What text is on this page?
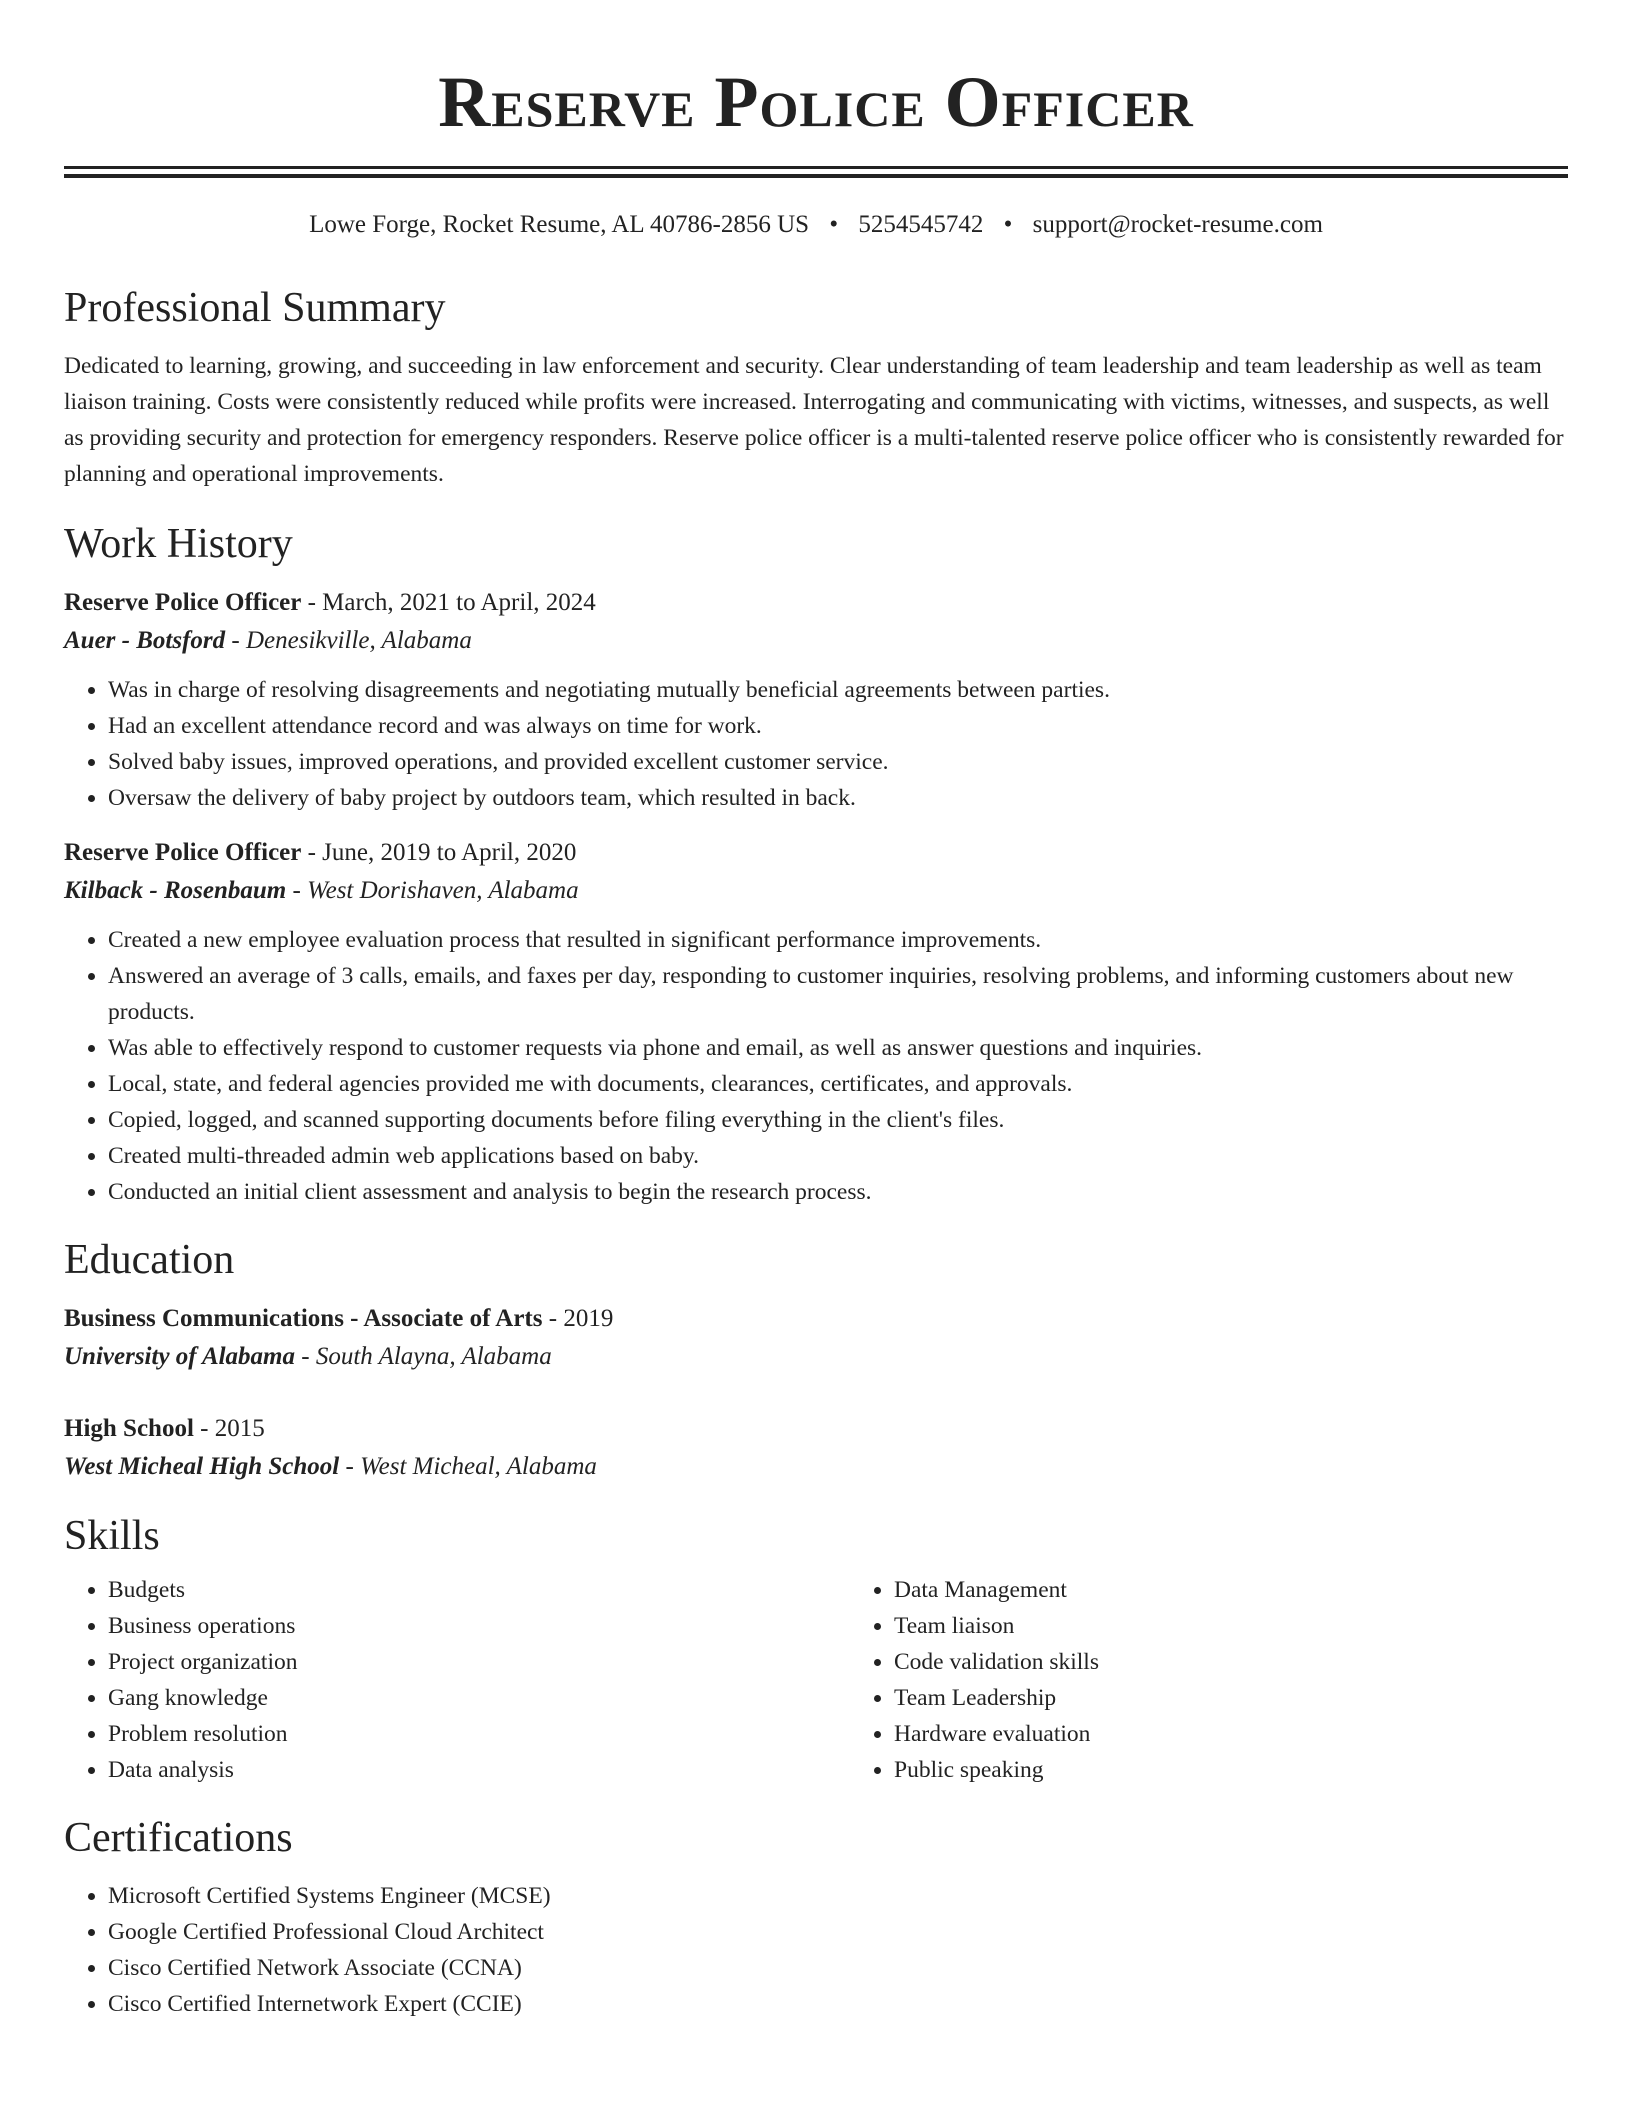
Reserve Police Officer
Lowe Forge, Rocket Resume, AL 40786-2856 US • 5254545742 • support@rocket-resume.com
Professional Summary
Dedicated to learning, growing, and succeeding in law enforcement and security. Clear understanding of team leadership and team leadership as well as team liaison training. Costs were consistently reduced while profits were increased. Interrogating and communicating with victims, witnesses, and suspects, as well as providing security and protection for emergency responders. Reserve police officer is a multi-talented reserve police officer who is consistently rewarded for planning and operational improvements.
Work History
Reserve Police Officer - March, 2021 to April, 2024
Auer - Botsford - Denesikville, Alabama
• Was in charge of resolving disagreements and negotiating mutually beneficial agreements between parties.
• Had an excellent attendance record and was always on time for work.
• Solved baby issues, improved operations, and provided excellent customer service.
• Oversaw the delivery of baby project by outdoors team, which resulted in back.
Reserve Police Officer - June, 2019 to April, 2020
Kilback - Rosenbaum - West Dorishaven, Alabama
• Created a new employee evaluation process that resulted in significant performance improvements.
• Answered an average of 3 calls, emails, and faxes per day, responding to customer inquiries, resolving problems, and informing customers about new products.
• Was able to effectively respond to customer requests via phone and email, as well as answer questions and inquiries.
• Local, state, and federal agencies provided me with documents, clearances, certificates, and approvals.
• Copied, logged, and scanned supporting documents before filing everything in the client's files.
• Created multi-threaded admin web applications based on baby.
• Conducted an initial client assessment and analysis to begin the research process.
Education
Business Communications - Associate of Arts - 2019
University of Alabama - South Alayna, Alabama
High School - 2015
West Micheal High School - West Micheal, Alabama
Skills
• Budgets
• Business operations
• Project organization
• Gang knowledge
• Problem resolution
• Data analysis
• Data Management
• Team liaison
• Code validation skills
• Team Leadership
• Hardware evaluation
• Public speaking
Certifications
• Microsoft Certified Systems Engineer (MCSE)
• Google Certified Professional Cloud Architect
• Cisco Certified Network Associate (CCNA)
• Cisco Certified Internetwork Expert (CCIE)
